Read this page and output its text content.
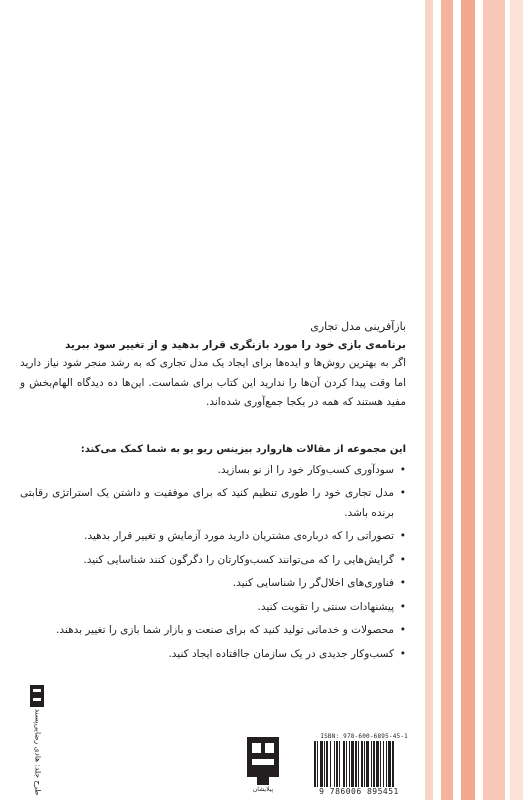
بازآفرینی مدل تجاری

برنامه‌ی بازی خود را مورد بازنگری قرار بدهید و از تغییر سود ببرید

اگر به بهترین روش‌ها و ایده‌ها برای ایجاد یک مدل تجاری که به رشد منجر شود نیاز دارید اما وقت پیدا کردن آن‌ها را ندارید این کتاب برای شماست. این‌ها ده دیدگاه الهام‌بخش و مفید هستند که همه در یکجا جمع‌آوری شده‌اند.

این مجموعه از مقالات هاروارد بیزینس ریو یو به شما کمک می‌کند:

• سودآوری کسب‌وکار خود را از نو بسازید.
• مدل تجاری خود را طوری تنظیم کنید که برای موفقیت و داشتن یک استراتژی رقابتی برنده باشد.
• تصوراتی را که درباره‌ی مشتریان دارید مورد آزمایش و تغییر قرار بدهید.
• گرایش‌هایی را که می‌توانند کسب‌وکارتان را دگرگون کنند شناسایی کنید.
• فناوری‌های اخلال‌گر را شناسایی کنید.
• پیشنهادات سنتی را تقویت کنید.
• محصولات و خدماتی تولید کنید که برای صنعت و بازار شما بازی را تغییر بدهند.
• کسب‌وکار جدیدی در یک سازمان جاافتاده ایجاد کنید.
طرح جلد: هادی رضایی‌پسند	پیلایشان
ISBN: 978-600-6895-45-1
9 786006 895451
